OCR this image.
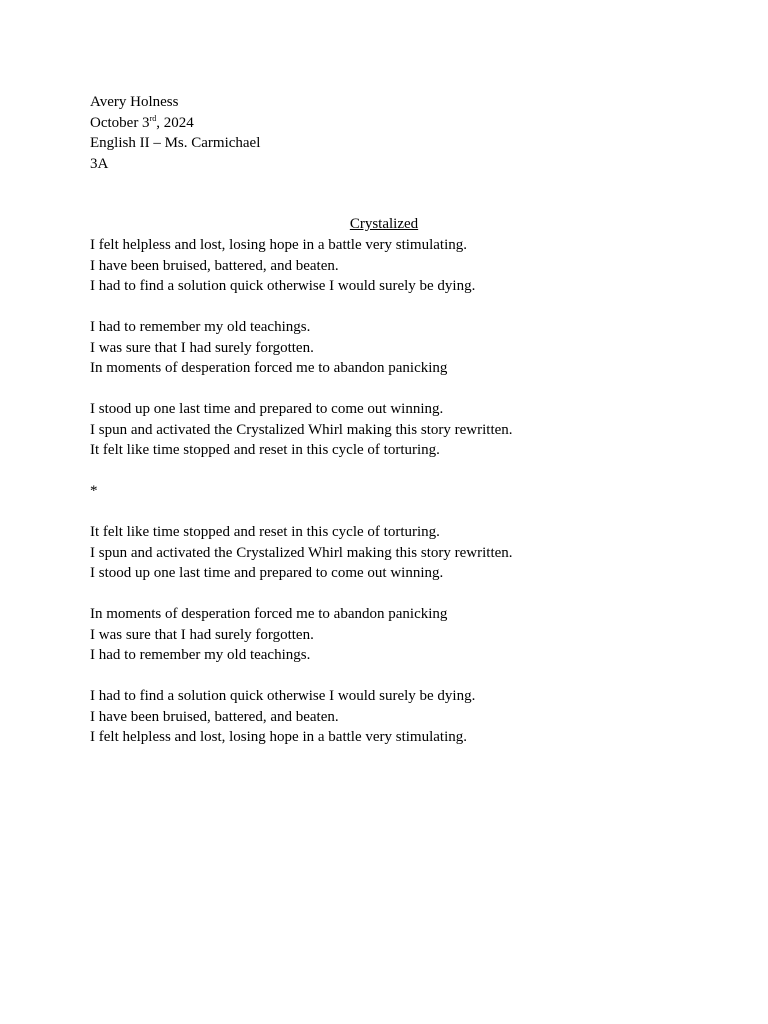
Avery Holness
October 3rd, 2024
English II – Ms. Carmichael
3A
Crystalized
I felt helpless and lost, losing hope in a battle very stimulating.
I have been bruised, battered, and beaten.
I had to find a solution quick otherwise I would surely be dying.
I had to remember my old teachings.
I was sure that I had surely forgotten.
In moments of desperation forced me to abandon panicking
I stood up one last time and prepared to come out winning.
I spun and activated the Crystalized Whirl making this story rewritten.
It felt like time stopped and reset in this cycle of torturing.
*
It felt like time stopped and reset in this cycle of torturing.
I spun and activated the Crystalized Whirl making this story rewritten.
I stood up one last time and prepared to come out winning.
In moments of desperation forced me to abandon panicking
I was sure that I had surely forgotten.
I had to remember my old teachings.
I had to find a solution quick otherwise I would surely be dying.
I have been bruised, battered, and beaten.
I felt helpless and lost, losing hope in a battle very stimulating.
